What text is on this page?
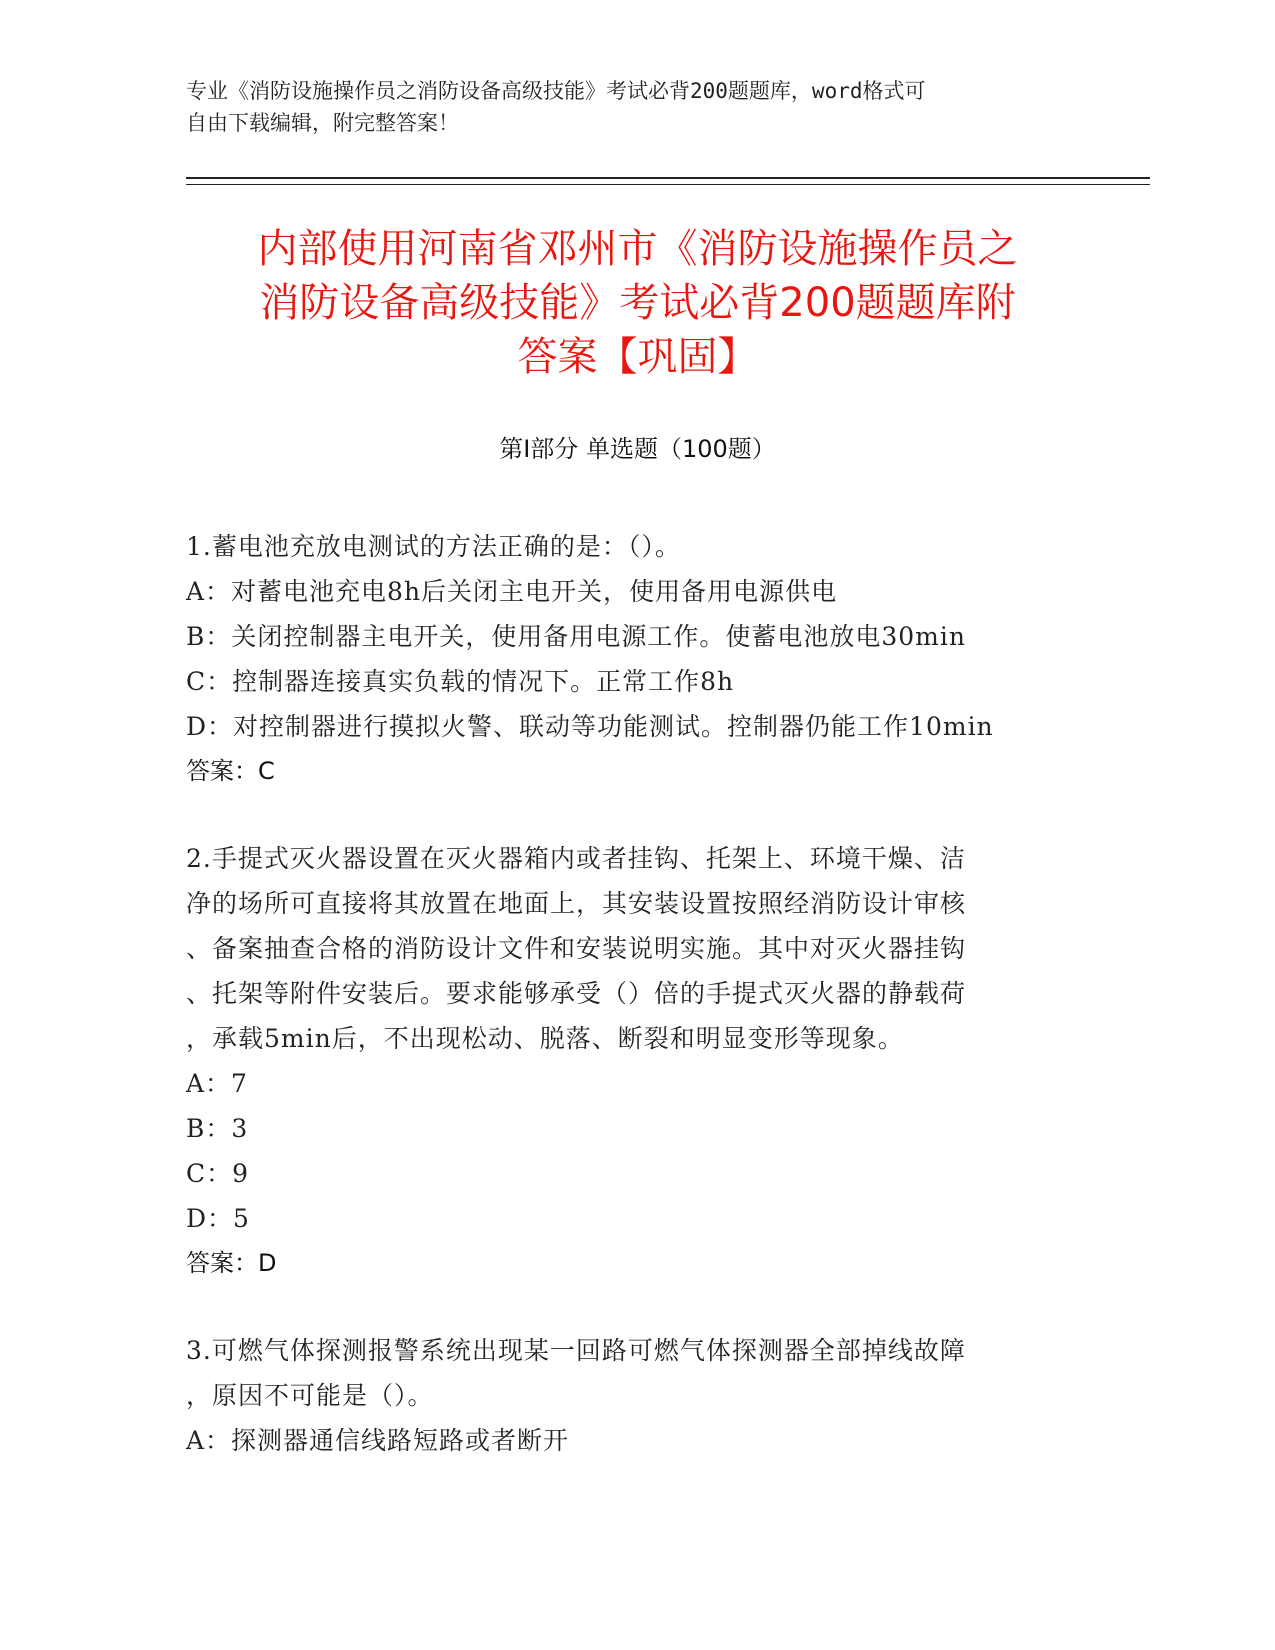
专业《消防设施操作员之消防设备高级技能》考试必背200题题库，word格式可
自由下载编辑，附完整答案！
内部使用河南省邓州市《消防设施操作员之
消防设备高级技能》考试必背200题题库附
答案【巩固】
第Ⅰ部分 单选题（100题）
1.蓄电池充放电测试的方法正确的是：（）。
A：对蓄电池充电8h后关闭主电开关，使用备用电源供电
B：关闭控制器主电开关，使用备用电源工作。使蓄电池放电30min
C：控制器连接真实负载的情况下。正常工作8h
D：对控制器进行摸拟火警、联动等功能测试。控制器仍能工作10min
答案：C
2.手提式灭火器设置在灭火器箱内或者挂钩、托架上、环境干燥、洁
净的场所可直接将其放置在地面上，其安装设置按照经消防设计审核
、备案抽查合格的消防设计文件和安装说明实施。其中对灭火器挂钩
、托架等附件安装后。要求能够承受（）倍的手提式灭火器的静载荷
，承载5min后，不出现松动、脱落、断裂和明显变形等现象。
A：7
B：3
C：9
D：5
答案：D
3.可燃气体探测报警系统出现某一回路可燃气体探测器全部掉线故障
，原因不可能是（）。
A：探测器通信线路短路或者断开
